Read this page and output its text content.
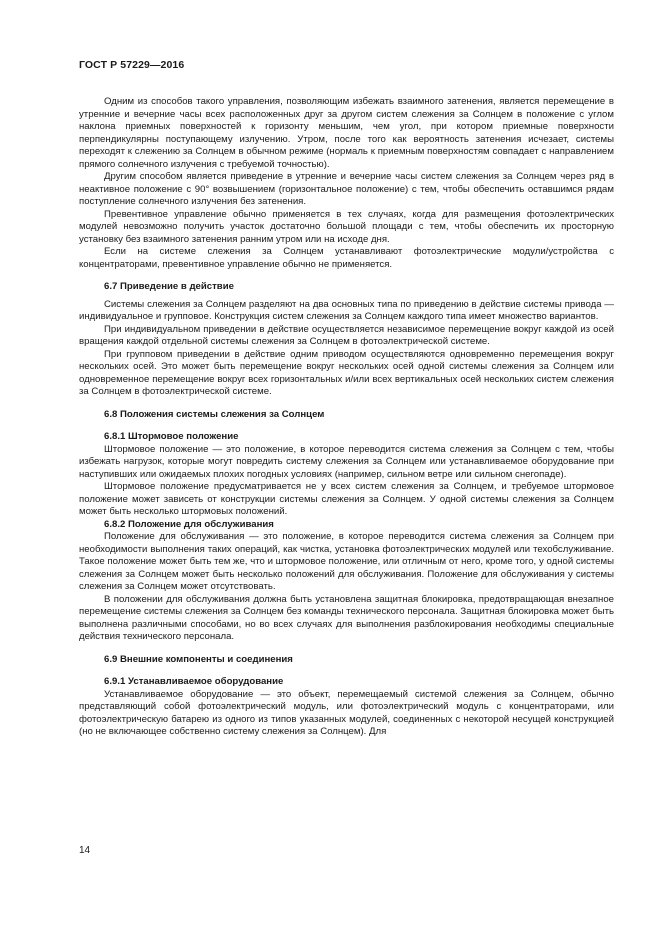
ГОСТ Р 57229—2016

Одним из способов такого управления, позволяющим избежать взаимного затенения, является перемещение в утренние и вечерние часы всех расположенных друг за другом систем слежения за Солнцем в положение с углом наклона приемных поверхностей к горизонту меньшим, чем угол, при котором приемные поверхности перпендикулярны поступающему излучению. Утром, после того как вероятность затенения исчезает, системы переходят к слежению за Солнцем в обычном режиме (нормаль к приемным поверхностям совпадает с направлением прямого солнечного излучения с требуемой точностью).

Другим способом является приведение в утренние и вечерние часы систем слежения за Солнцем через ряд в неактивное положение с 90° возвышением (горизонтальное положение) с тем, чтобы обеспечить оставшимся рядам поступление солнечного излучения без затенения.

Превентивное управление обычно применяется в тех случаях, когда для размещения фотоэлектрических модулей невозможно получить участок достаточно большой площади с тем, чтобы обеспечить их просторную установку без взаимного затенения ранним утром или на исходе дня.

Если на системе слежения за Солнцем устанавливают фотоэлектрические модули/устройства с концентраторами, превентивное управление обычно не применяется.

6.7 Приведение в действие

Системы слежения за Солнцем разделяют на два основных типа по приведению в действие системы привода — индивидуальное и групповое. Конструкция систем слежения за Солнцем каждого типа имеет множество вариантов.

При индивидуальном приведении в действие осуществляется независимое перемещение вокруг каждой из осей вращения каждой отдельной системы слежения за Солнцем в фотоэлектрической системе.

При групповом приведении в действие одним приводом осуществляются одновременно перемещения вокруг нескольких осей. Это может быть перемещение вокруг нескольких осей одной системы слежения за Солнцем или одновременное перемещение вокруг всех горизонтальных и/или всех вертикальных осей нескольких систем слежения за Солнцем в фотоэлектрической системе.

6.8 Положения системы слежения за Солнцем
6.8.1 Штормовое положение

Штормовое положение — это положение, в которое переводится система слежения за Солнцем с тем, чтобы избежать нагрузок, которые могут повредить систему слежения за Солнцем или устанавливаемое оборудование при наступивших или ожидаемых плохих погодных условиях (например, сильном ветре или сильном снегопаде).

Штормовое положение предусматривается не у всех систем слежения за Солнцем, и требуемое штормовое положение может зависеть от конструкции системы слежения за Солнцем. У одной системы слежения за Солнцем может быть несколько штормовых положений.

6.8.2 Положение для обслуживания

Положение для обслуживания — это положение, в которое переводится система слежения за Солнцем при необходимости выполнения таких операций, как чистка, установка фотоэлектрических модулей или техобслуживание. Такое положение может быть тем же, что и штормовое положение, или отличным от него, кроме того, у одной системы слежения за Солнцем может быть несколько положений для обслуживания. Положение для обслуживания у системы слежения за Солнцем может отсутствовать.

В положении для обслуживания должна быть установлена защитная блокировка, предотвращающая внезапное перемещение системы слежения за Солнцем без команды технического персонала. Защитная блокировка может быть выполнена различными способами, но во всех случаях для выполнения разблокирования необходимы специальные действия технического персонала.

6.9 Внешние компоненты и соединения
6.9.1 Устанавливаемое оборудование

Устанавливаемое оборудование — это объект, перемещаемый системой слежения за Солнцем, обычно представляющий собой фотоэлектрический модуль, или фотоэлектрический модуль с концентраторами, или фотоэлектрическую батарею из одного из типов указанных модулей, соединенных с некоторой несущей конструкцией (но не включающее собственно систему слежения за Солнцем). Для

14
